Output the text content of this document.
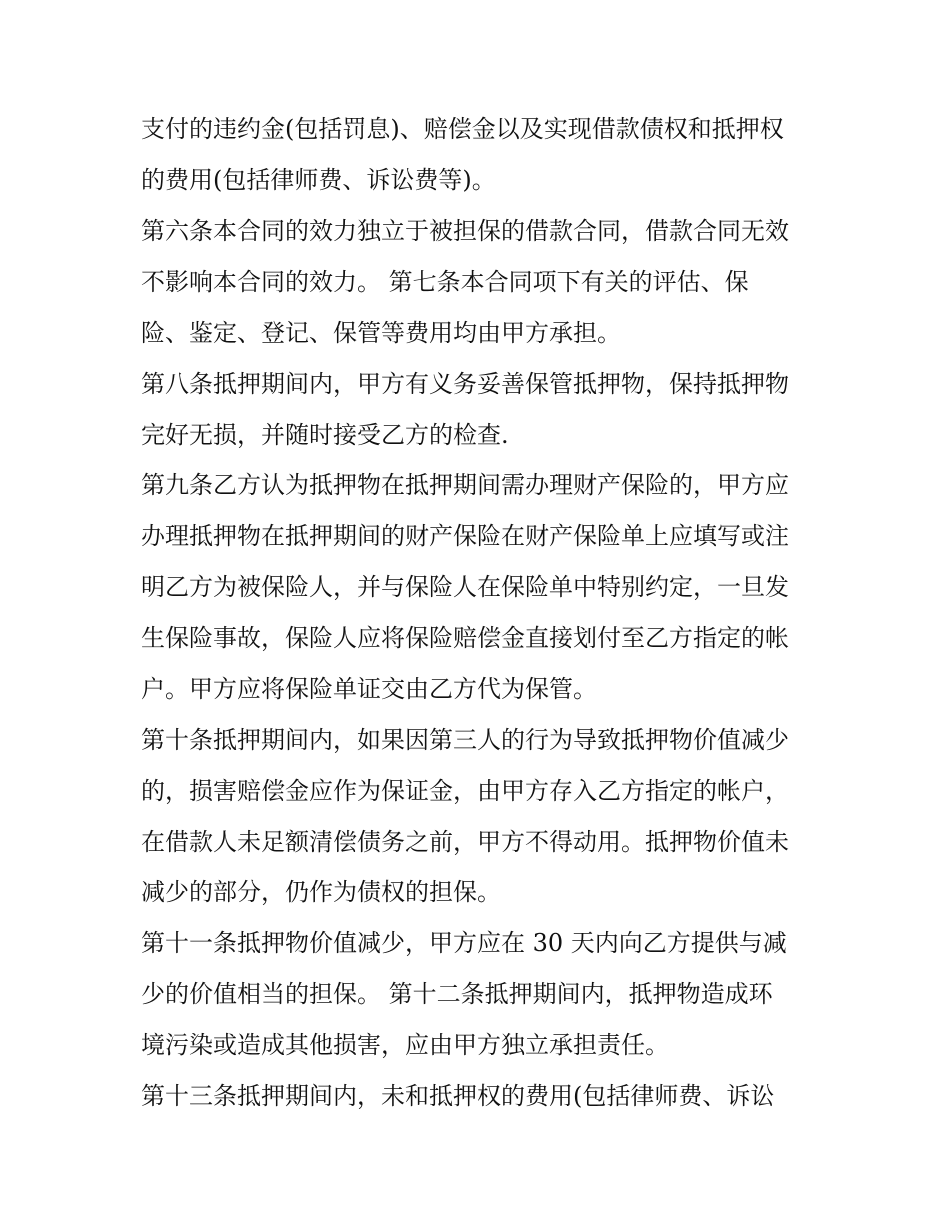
支付的违约金(包括罚息)、赔偿金以及实现借款债权和抵押权

的费用(包括律师费、诉讼费等)。

第六条本合同的效力独立于被担保的借款合同，借款合同无效

不影响本合同的效力。 第七条本合同项下有关的评估、保

险、鉴定、登记、保管等费用均由甲方承担。

第八条抵押期间内，甲方有义务妥善保管抵押物，保持抵押物

完好无损，并随时接受乙方的检查.

第九条乙方认为抵押物在抵押期间需办理财产保险的，甲方应

办理抵押物在抵押期间的财产保险在财产保险单上应填写或注

明乙方为被保险人，并与保险人在保险单中特别约定，一旦发

生保险事故，保险人应将保险赔偿金直接划付至乙方指定的帐

户。甲方应将保险单证交由乙方代为保管。

第十条抵押期间内，如果因第三人的行为导致抵押物价值减少

的，损害赔偿金应作为保证金，由甲方存入乙方指定的帐户，

在借款人未足额清偿债务之前，甲方不得动用。抵押物价值未

减少的部分，仍作为债权的担保。

第十一条抵押物价值减少，甲方应在 30 天内向乙方提供与减

少的价值相当的担保。 第十二条抵押期间内，抵押物造成环

境污染或造成其他损害，应由甲方独立承担责任。

第十三条抵押期间内，未和抵押权的费用(包括律师费、诉讼
